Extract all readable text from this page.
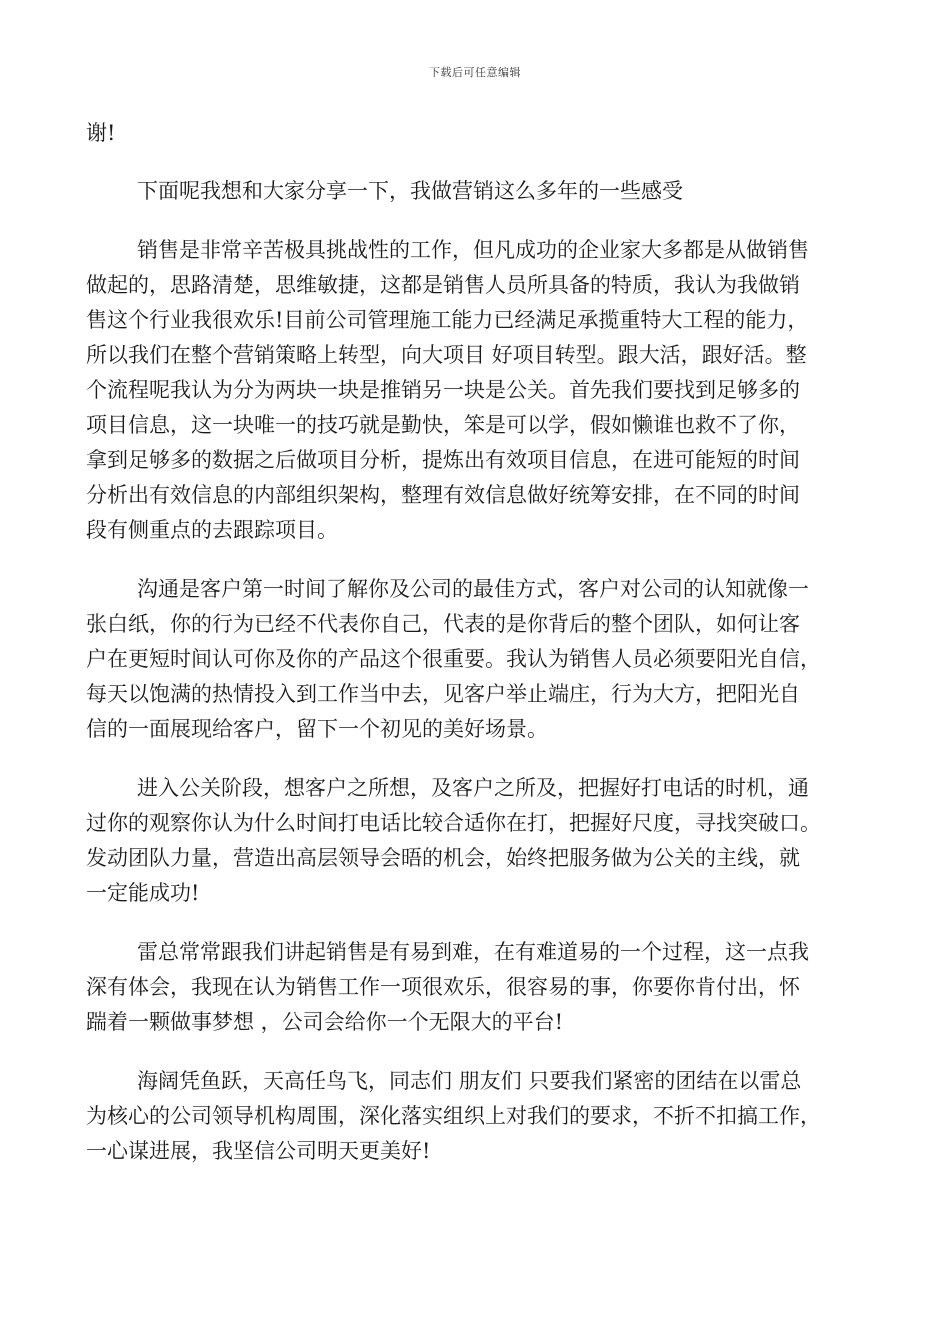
下载后可任意编辑
谢!
下面呢我想和大家分享一下，我做营销这么多年的一些感受
销售是非常辛苦极具挑战性的工作，但凡成功的企业家大多都是从做销售
做起的，思路清楚，思维敏捷，这都是销售人员所具备的特质，我认为我做销
售这个行业我很欢乐!目前公司管理施工能力已经满足承揽重特大工程的能力，
所以我们在整个营销策略上转型，向大项目 好项目转型。跟大活，跟好活。整
个流程呢我认为分为两块一块是推销另一块是公关。首先我们要找到足够多的
项目信息，这一块唯一的技巧就是勤快，笨是可以学，假如懒谁也救不了你，
拿到足够多的数据之后做项目分析，提炼出有效项目信息，在进可能短的时间
分析出有效信息的内部组织架构，整理有效信息做好统筹安排，在不同的时间
段有侧重点的去跟踪项目。
沟通是客户第一时间了解你及公司的最佳方式，客户对公司的认知就像一
张白纸，你的行为已经不代表你自己，代表的是你背后的整个团队，如何让客
户在更短时间认可你及你的产品这个很重要。我认为销售人员必须要阳光自信，
每天以饱满的热情投入到工作当中去，见客户举止端庄，行为大方，把阳光自
信的一面展现给客户，留下一个初见的美好场景。
进入公关阶段，想客户之所想，及客户之所及，把握好打电话的时机，通
过你的观察你认为什么时间打电话比较合适你在打，把握好尺度，寻找突破口。
发动团队力量，营造出高层领导会晤的机会，始终把服务做为公关的主线，就
一定能成功!
雷总常常跟我们讲起销售是有易到难，在有难道易的一个过程，这一点我
深有体会，我现在认为销售工作一项很欢乐，很容易的事，你要你肯付出，怀
踹着一颗做事梦想 ，公司会给你一个无限大的平台!
海阔凭鱼跃，天高任鸟飞，同志们 朋友们 只要我们紧密的团结在以雷总
为核心的公司领导机构周围，深化落实组织上对我们的要求，不折不扣搞工作，
一心谋进展，我坚信公司明天更美好!
